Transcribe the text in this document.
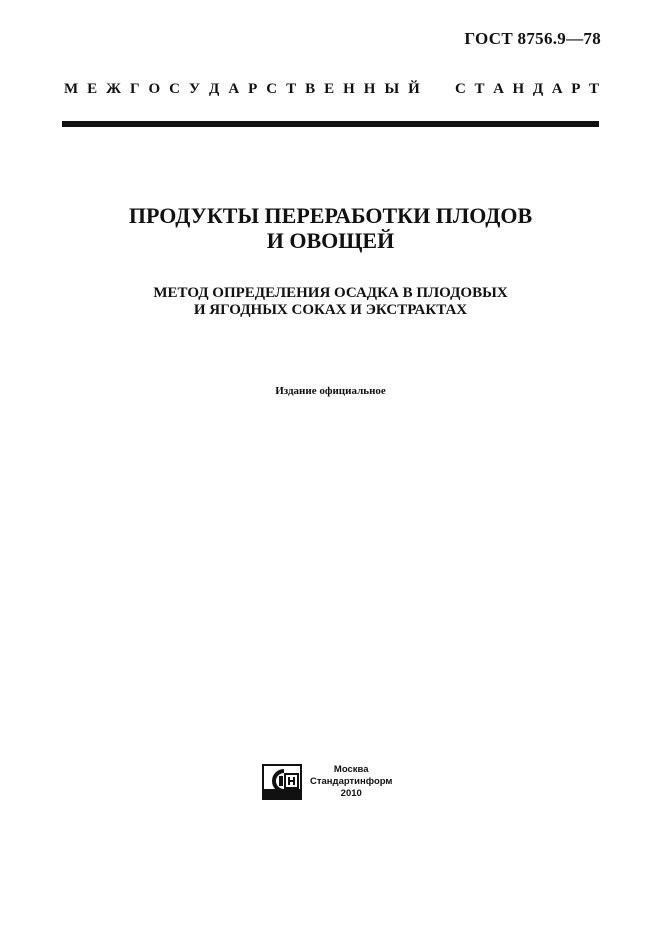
ГОСТ 8756.9—78
М Е Ж Г О С У Д А Р С Т В Е Н Н Ы Й С Т А Н Д А Р Т
ПРОДУКТЫ ПЕРЕРАБОТКИ ПЛОДОВ
И ОВОЩЕЙ
МЕТОД ОПРЕДЕЛЕНИЯ ОСАДКА В ПЛОДОВЫХ
И ЯГОДНЫХ СОКАХ И ЭКСТРАКТАХ
Издание официальное
Москва
Стандартинформ
2010
